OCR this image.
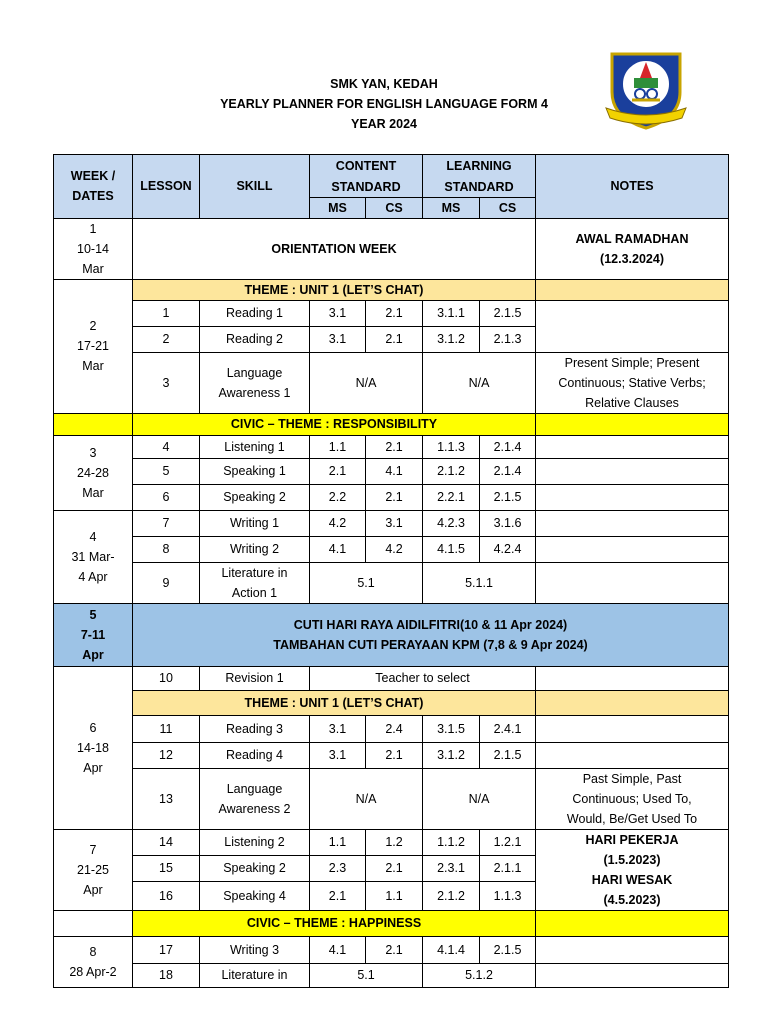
SMK YAN, KEDAH
YEARLY PLANNER FOR ENGLISH LANGUAGE FORM 4
YEAR 2024
WEEK /
DATES	LESSON	SKILL	CONTENT		LEARNING		NOTES
			STANDARD		STANDARD		
			MS	CS	MS	CS	
1
10-14
Mar	ORIENTATION WEEK						AWAL RAMADHAN
(12.3.2024)
2
17-21
Mar	THEME : UNIT 1 (LET’S CHAT)						
	1	Reading 1	3.1	2.1	3.1.1	2.1.5	
	2	Reading 2	3.1	2.1	3.1.2	2.1.3	
	3	Language
Awareness 1	N/A		N/A		Present Simple; Present
Continuous; Stative Verbs;
Relative Clauses
	CIVIC – THEME : RESPONSIBILITY						
3
24-28
Mar	4	Listening 1	1.1	2.1	1.1.3	2.1.4	
	5	Speaking 1	2.1	4.1	2.1.2	2.1.4	
	6	Speaking 2	2.2	2.1	2.2.1	2.1.5	
4
31 Mar-
4 Apr	7	Writing 1	4.2	3.1	4.2.3	3.1.6	
	8	Writing 2	4.1	4.2	4.1.5	4.2.4	
	9	Literature in
Action 1	5.1		5.1.1		
5
7-11
Apr	CUTI HARI RAYA AIDILFITRI(10 & 11 Apr 2024)
TAMBAHAN CUTI PERAYAAN KPM (7,8 & 9 Apr 2024)						
6
14-18
Apr	10	Revision 1	Teacher to select				
	THEME : UNIT 1 (LET’S CHAT)						
	11	Reading 3	3.1	2.4	3.1.5	2.4.1	
	12	Reading 4	3.1	2.1	3.1.2	2.1.5	
	13	Language
Awareness 2	N/A		N/A		Past Simple, Past
Continuous; Used To,
Would, Be/Get Used To
7
21-25
Apr	14	Listening 2	1.1	1.2	1.1.2	1.2.1	HARI PEKERJA
(1.5.2023)
HARI WESAK
(4.5.2023)
	15	Speaking 2	2.3	2.1	2.3.1	2.1.1	
	16	Speaking 4	2.1	1.1	2.1.2	1.1.3	
	CIVIC – THEME : HAPPINESS						
8
28 Apr-2	17	Writing 3	4.1	2.1	4.1.4	2.1.5	
	18	Literature in	5.1		5.1.2		
